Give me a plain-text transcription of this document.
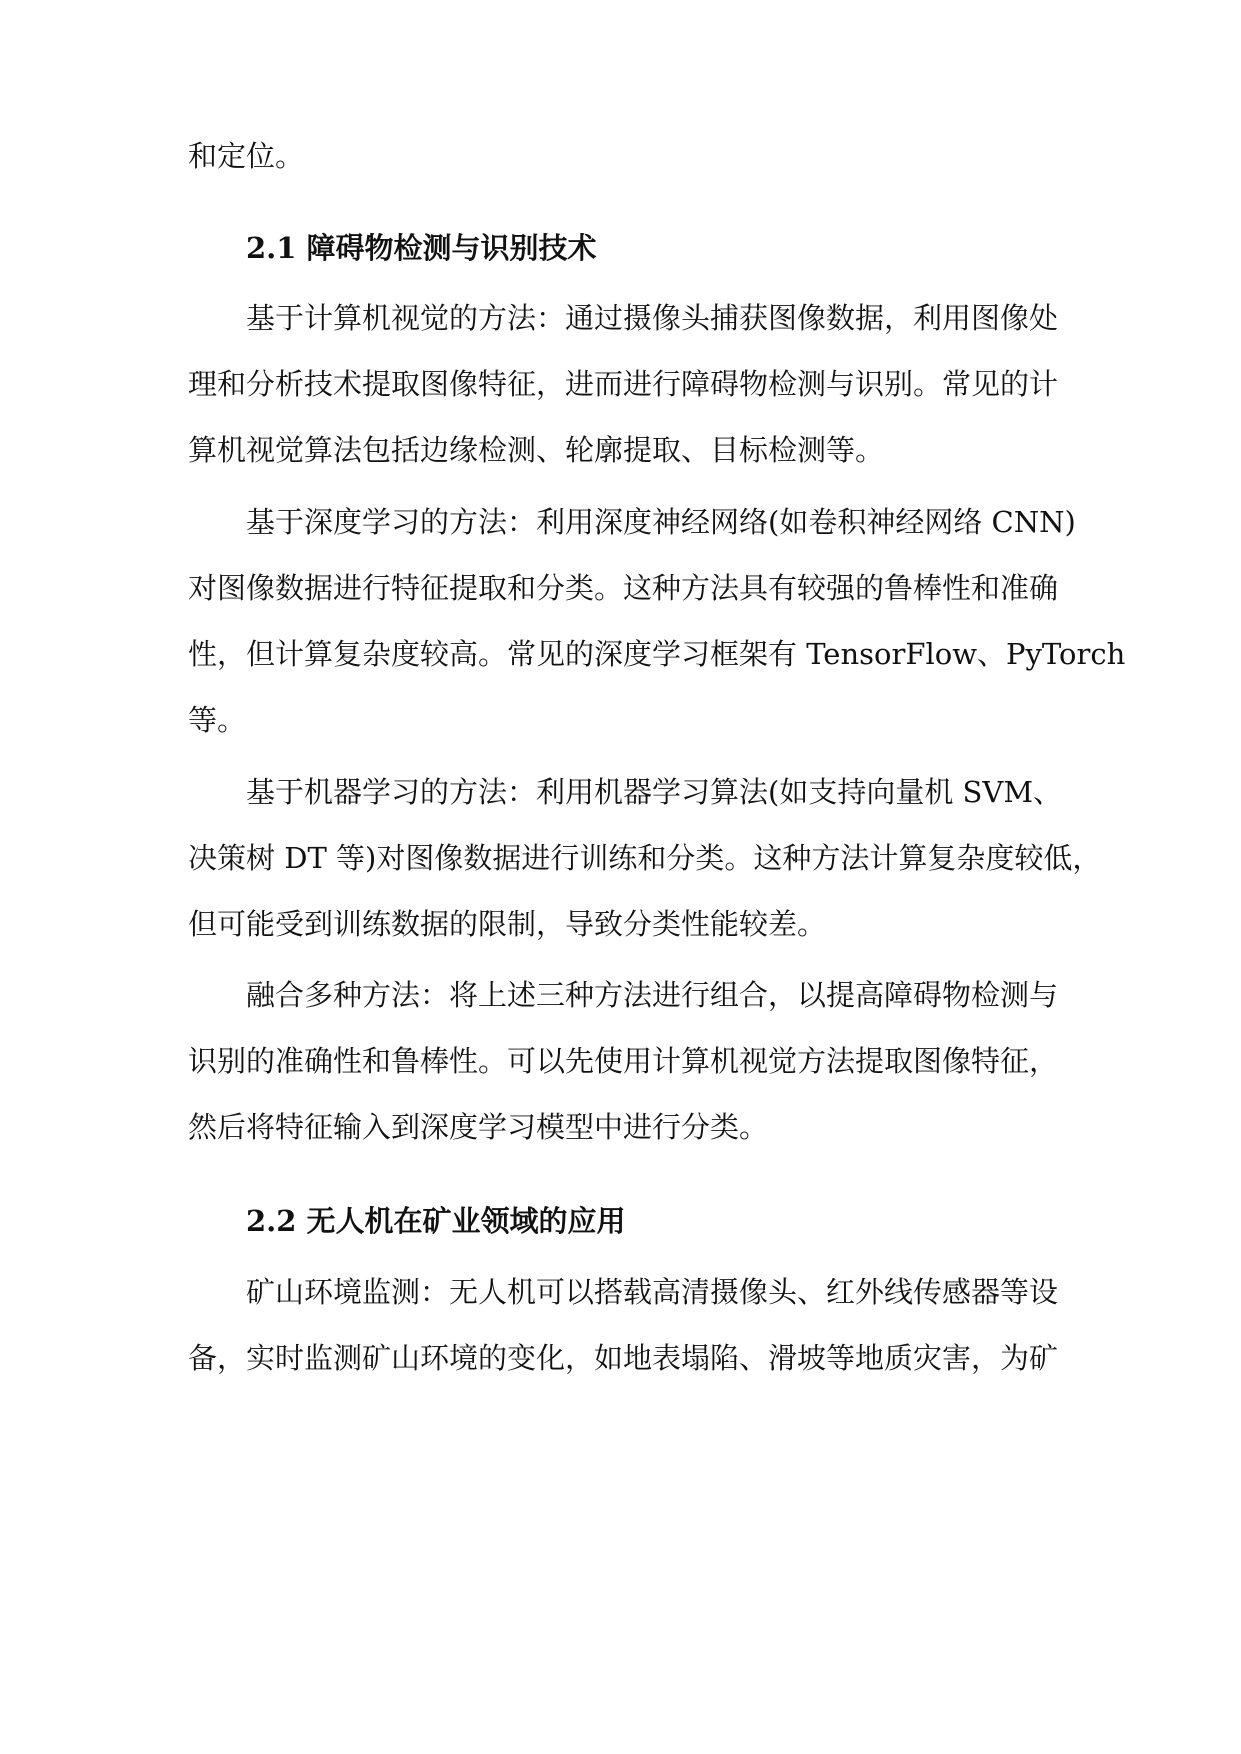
和定位。
2.1 障碍物检测与识别技术
基于计算机视觉的方法：通过摄像头捕获图像数据，利用图像处
理和分析技术提取图像特征，进而进行障碍物检测与识别。常见的计
算机视觉算法包括边缘检测、轮廓提取、目标检测等。
基于深度学习的方法：利用深度神经网络(如卷积神经网络 CNN)
对图像数据进行特征提取和分类。这种方法具有较强的鲁棒性和准确
性，但计算复杂度较高。常见的深度学习框架有 TensorFlow、PyTorch
等。
基于机器学习的方法：利用机器学习算法(如支持向量机 SVM、
决策树 DT 等)对图像数据进行训练和分类。这种方法计算复杂度较低，
但可能受到训练数据的限制，导致分类性能较差。
融合多种方法：将上述三种方法进行组合，以提高障碍物检测与
识别的准确性和鲁棒性。可以先使用计算机视觉方法提取图像特征，
然后将特征输入到深度学习模型中进行分类。
2.2 无人机在矿业领域的应用
矿山环境监测：无人机可以搭载高清摄像头、红外线传感器等设
备，实时监测矿山环境的变化，如地表塌陷、滑坡等地质灾害，为矿
